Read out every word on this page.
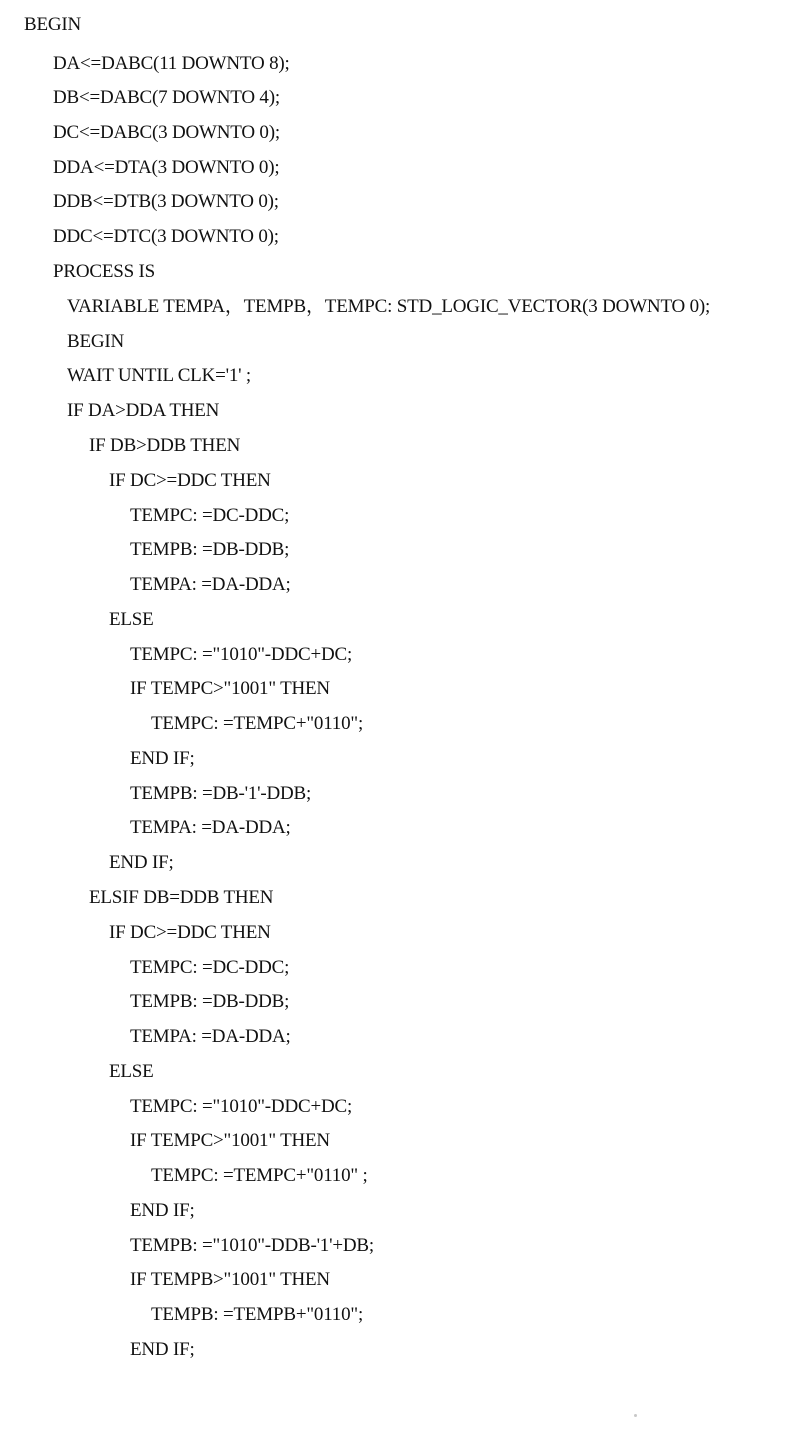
BEGIN
DA<=DABC(11 DOWNTO 8);
DB<=DABC(7 DOWNTO 4);
DC<=DABC(3 DOWNTO 0);
DDA<=DTA(3 DOWNTO 0);
DDB<=DTB(3 DOWNTO 0);
DDC<=DTC(3 DOWNTO 0);
PROCESS IS
VARIABLE TEMPA，TEMPB，TEMPC: STD_LOGIC_VECTOR(3 DOWNTO 0);
BEGIN
WAIT UNTIL CLK='1' ;
IF DA>DDA THEN
IF DB>DDB THEN
IF DC>=DDC THEN
TEMPC: =DC-DDC;
TEMPB: =DB-DDB;
TEMPA: =DA-DDA;
ELSE
TEMPC: ="1010"-DDC+DC;
IF TEMPC>"1001" THEN
TEMPC: =TEMPC+"0110";
END IF;
TEMPB: =DB-'1'-DDB;
TEMPA: =DA-DDA;
END IF;
ELSIF DB=DDB THEN
IF DC>=DDC THEN
TEMPC: =DC-DDC;
TEMPB: =DB-DDB;
TEMPA: =DA-DDA;
ELSE
TEMPC: ="1010"-DDC+DC;
IF TEMPC>"1001" THEN
TEMPC: =TEMPC+"0110" ;
END IF;
TEMPB: ="1010"-DDB-'1'+DB;
IF TEMPB>"1001" THEN
TEMPB: =TEMPB+"0110";
END IF;
